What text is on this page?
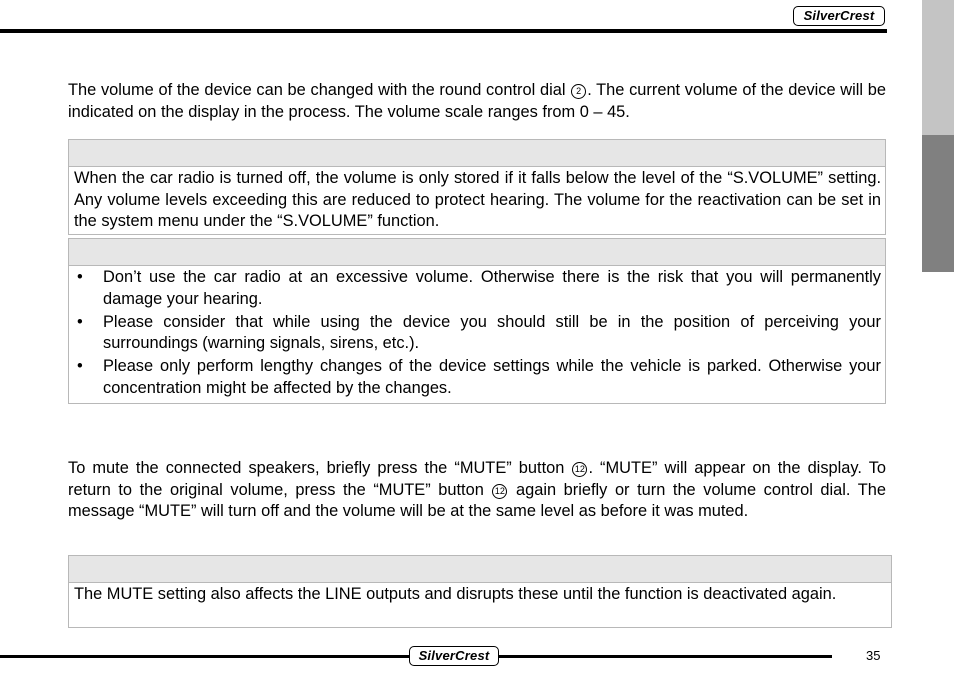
SilverCrest

The volume of the device can be changed with the round control dial 2 . The current volume of the device will be indicated on the display in the process. The volume scale ranges from 0 – 45.

When the car radio is turned off, the volume is only stored if it falls below the level of the “S.VOLUME” setting. Any volume levels exceeding this are reduced to protect hearing. The volume for the reactivation can be set in the system menu under the “S.VOLUME” function.
• Don’t use the car radio at an excessive volume. Otherwise there is the risk that you will permanently damage your hearing.
• Please consider that while using the device you should still be in the position of perceiving your surroundings (warning signals, sirens, etc.).
• Please only perform lengthy changes of the device settings while the vehicle is parked. Otherwise your concentration might be affected by the changes.

To mute the connected speakers, briefly press the “MUTE” button 12 . “MUTE” will appear on the display. To return to the original volume, press the “MUTE” button 12 again briefly or turn the volume control dial. The message “MUTE” will turn off and the volume will be at the same level as before it was muted.

The MUTE setting also affects the LINE outputs and disrupts these until the function is deactivated again.
SilverCrest	35
